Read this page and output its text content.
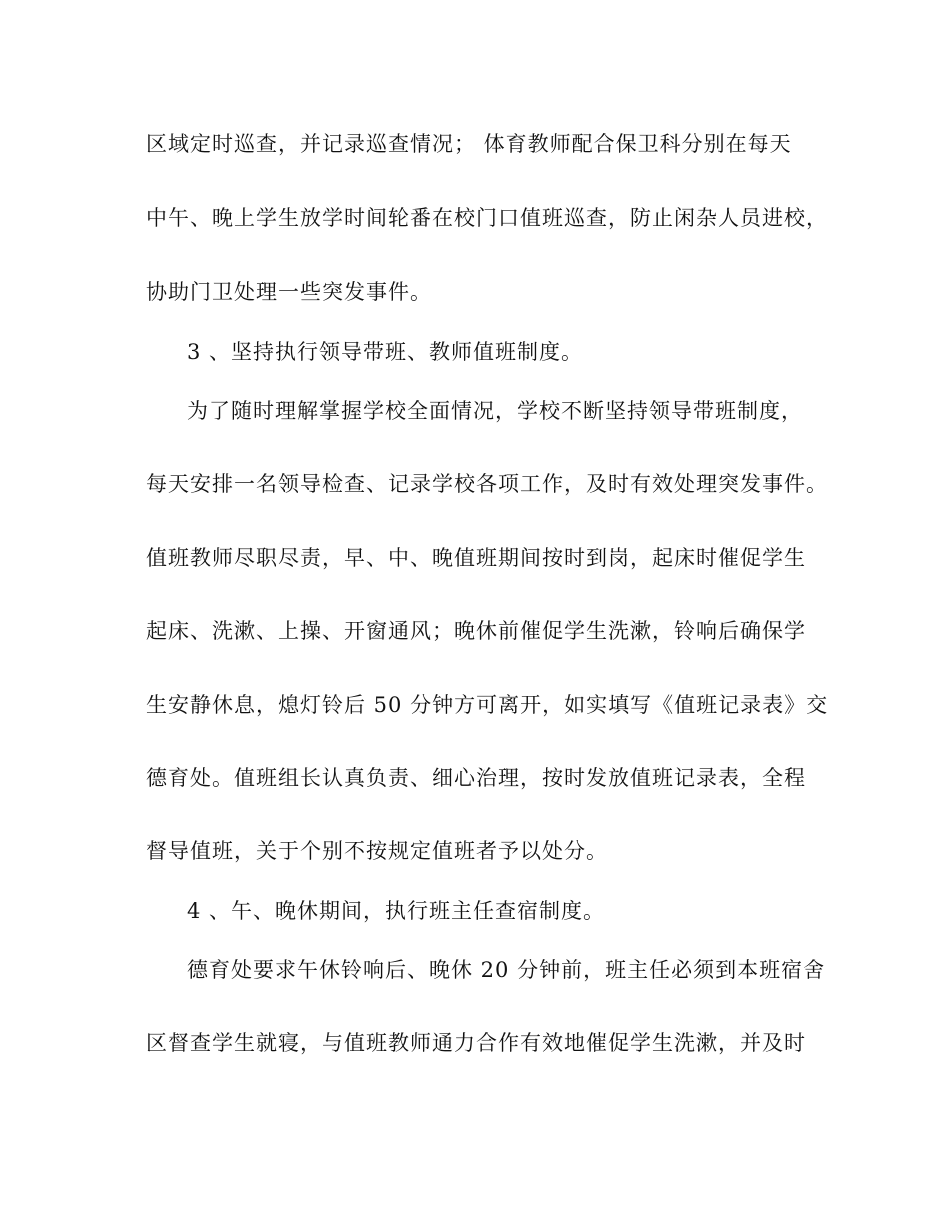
区域定时巡查，并记录巡查情况； 体育教师配合保卫科分别在每天

中午、晚上学生放学时间轮番在校门口值班巡查，防止闲杂人员进校，

协助门卫处理一些突发事件。

3 、坚持执行领导带班、教师值班制度。

为了随时理解掌握学校全面情况，学校不断坚持领导带班制度，

每天安排一名领导检查、记录学校各项工作，及时有效处理突发事件。

值班教师尽职尽责，早、中、晚值班期间按时到岗，起床时催促学生

起床、洗漱、上操、开窗通风；晚休前催促学生洗漱，铃响后确保学

生安静休息，熄灯铃后 50 分钟方可离开，如实填写《值班记录表》交

德育处。值班组长认真负责、细心治理，按时发放值班记录表，全程

督导值班，关于个别不按规定值班者予以处分。

4 、午、晚休期间，执行班主任查宿制度。

德育处要求午休铃响后、晚休 20 分钟前，班主任必须到本班宿舍

区督查学生就寝，与值班教师通力合作有效地催促学生洗漱，并及时
